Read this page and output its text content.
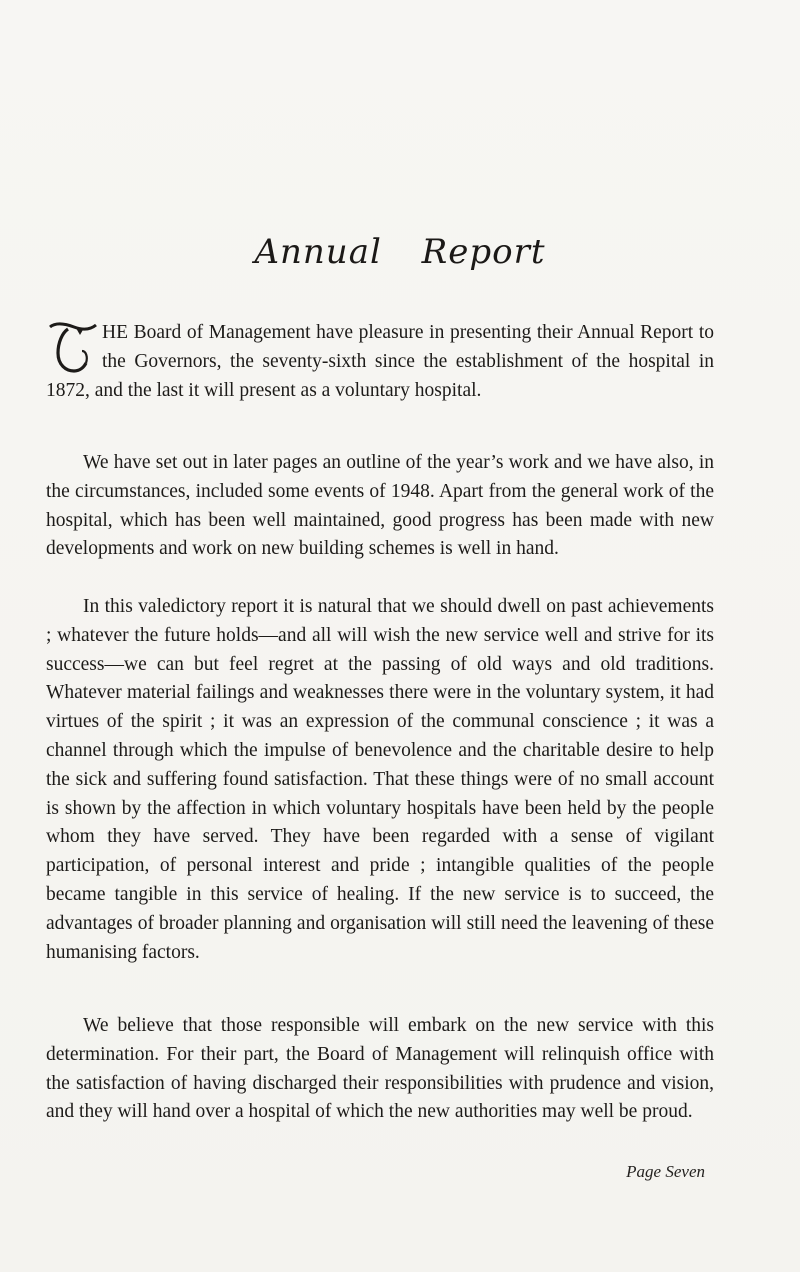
Annual Report

HE Board of Management have pleasure in presenting their Annual Report to the Governors, the seventy-sixth since the establishment of the hospital in 1872, and the last it will present as a voluntary hospital.

We have set out in later pages an outline of the year’s work and we have also, in the circumstances, included some events of 1948. Apart from the general work of the hospital, which has been well maintained, good progress has been made with new developments and work on new building schemes is well in hand.

In this valedictory report it is natural that we should dwell on past achievements ; whatever the future holds—and all will wish the new service well and strive for its success—we can but feel regret at the passing of old ways and old traditions. Whatever material failings and weaknesses there were in the voluntary system, it had virtues of the spirit ; it was an expression of the communal conscience ; it was a channel through which the impulse of benevolence and the charitable desire to help the sick and suffering found satisfaction. That these things were of no small account is shown by the affection in which voluntary hospitals have been held by the people whom they have served. They have been regarded with a sense of vigilant participation, of personal interest and pride ; intangible qualities of the people became tangible in this service of healing. If the new service is to succeed, the advantages of broader planning and organisation will still need the leavening of these humanising factors.

We believe that those responsible will embark on the new service with this determination. For their part, the Board of Management will relinquish office with the satisfaction of having discharged their responsibilities with prudence and vision, and they will hand over a hospital of which the new authorities may well be proud.

Page Seven
